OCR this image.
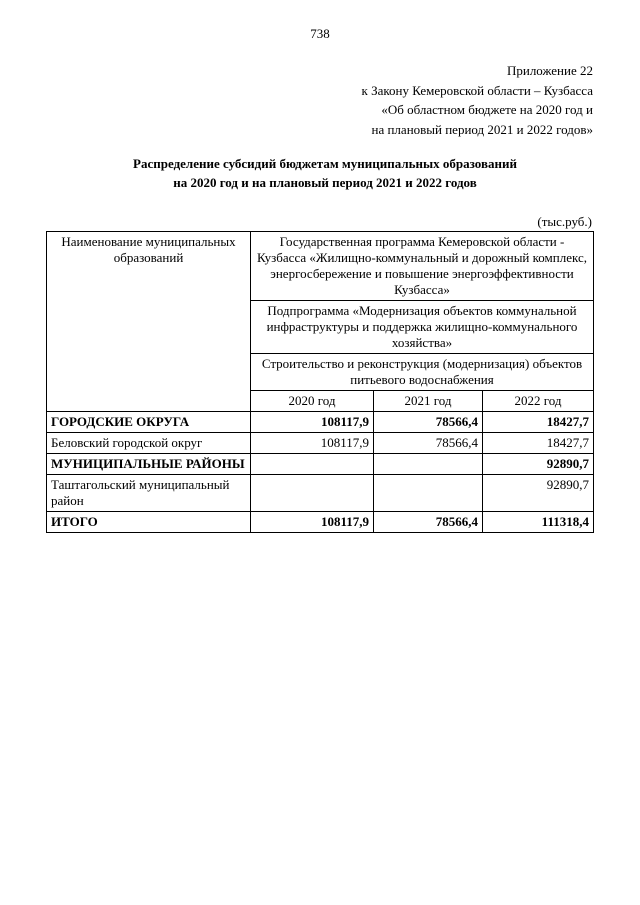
738
Приложение 22
к Закону Кемеровской области – Кузбасса
«Об областном бюджете на 2020 год и
на плановый период 2021 и 2022 годов»
Распределение субсидий бюджетам муниципальных образований
на 2020 год и на плановый период 2021 и 2022 годов
(тыс.руб.)
Наименование муниципальных образований	Государственная программа Кемеровской области - Кузбасса «Жилищно-коммунальный и дорожный комплекс, энергосбережение и повышение энергоэффективности Кузбасса»		
	Подпрограмма «Модернизация объектов коммунальной инфраструктуры и поддержка жилищно-коммунального хозяйства»		
	Строительство и реконструкция (модернизация) объектов питьевого водоснабжения		
	2020 год	2021 год	2022 год
ГОРОДСКИЕ ОКРУГА	108117,9	78566,4	18427,7
Беловский городской округ	108117,9	78566,4	18427,7
МУНИЦИПАЛЬНЫЕ РАЙОНЫ			92890,7
Таштагольский муниципальный район			92890,7
ИТОГО	108117,9	78566,4	111318,4
